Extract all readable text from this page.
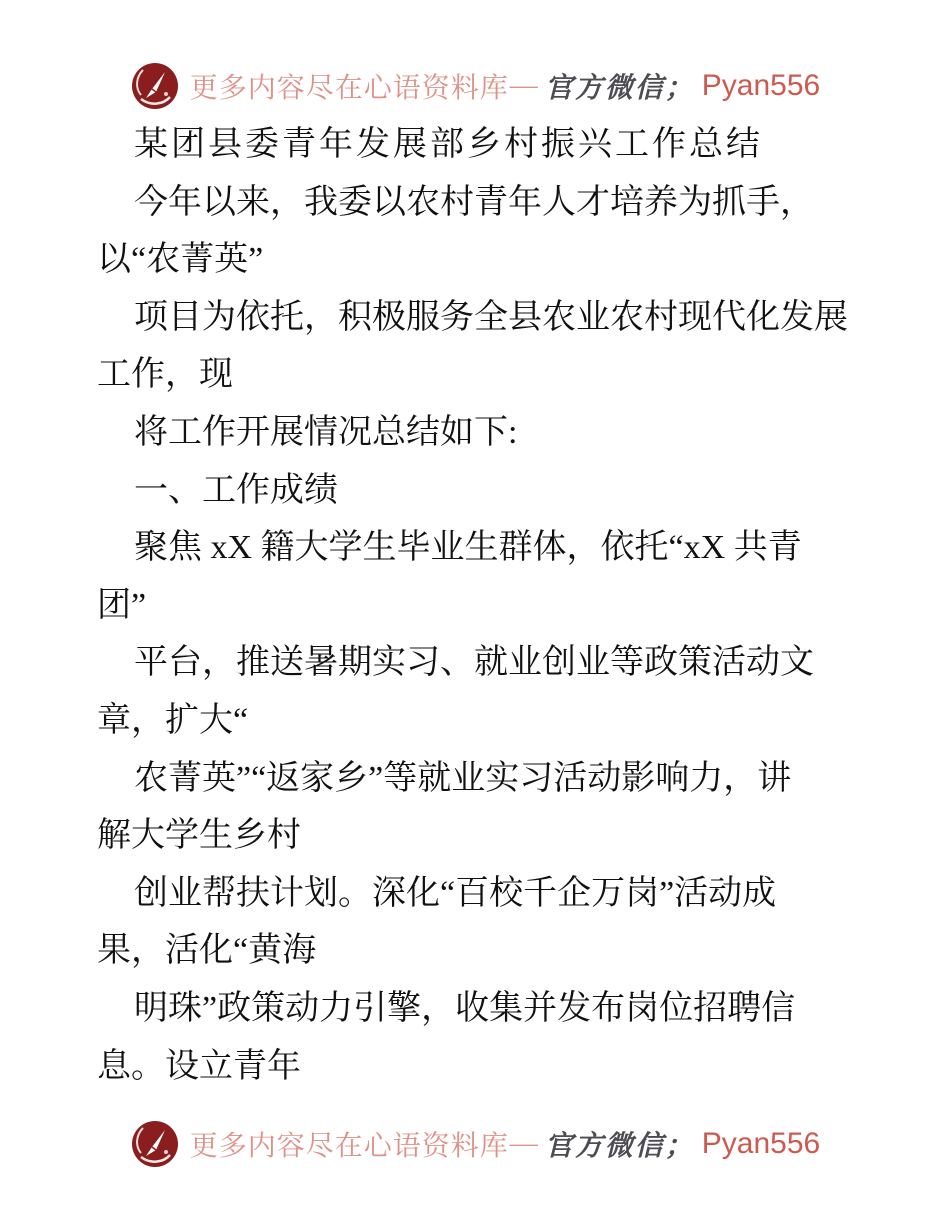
更多内容尽在心语资料库 — 官方微信； Pyan556
某团县委青年发展部乡村振兴工作总结
今年以来，我委以农村青年人才培养为抓手，
以“农菁英”
项目为依托，积极服务全县农业农村现代化发展
工作，现
将工作开展情况总结如下:
一、工作成绩
聚焦 xX 籍大学生毕业生群体，依托“xX 共青
团”
平台，推送暑期实习、就业创业等政策活动文
章，扩大“
农菁英”“返家乡”等就业实习活动影响力，讲
解大学生乡村
创业帮扶计划。深化“百校千企万岗”活动成
果，活化“黄海
明珠”政策动力引擎，收集并发布岗位招聘信
息。设立青年
更多内容尽在心语资料库 — 官方微信； Pyan556
